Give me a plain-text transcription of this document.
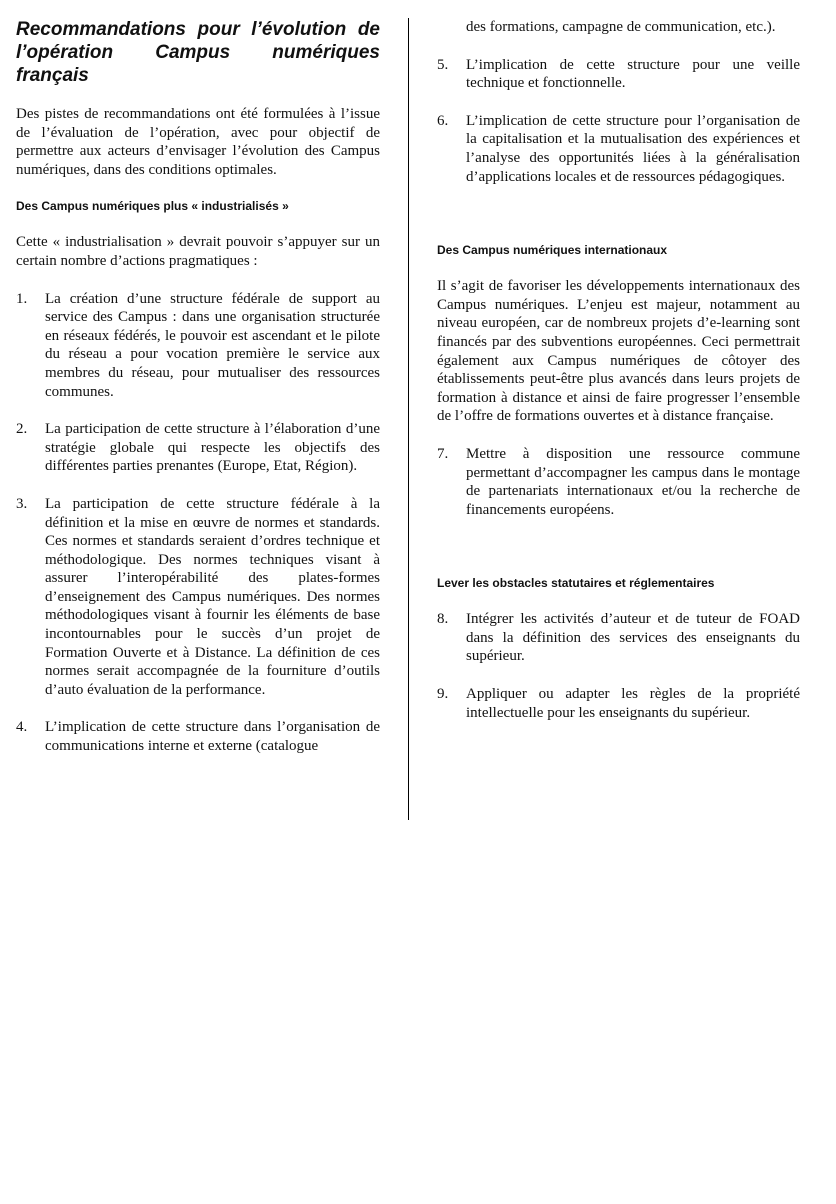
Recommandations pour l’évolution de l’opération Campus numériques français

Des pistes de recommandations ont été formulées à l’issue de l’évaluation de l’opération, avec pour objectif de permettre aux acteurs d’envisager l’évolution des Campus numériques, dans des conditions optimales.

Des Campus numériques plus « industrialisés »

Cette « industrialisation » devrait pouvoir s’appuyer sur un certain nombre d’actions pragmatiques :

1. La création d’une structure fédérale de support au service des Campus : dans une organisation structurée en réseaux fédérés, le pouvoir est ascendant et le pilote du réseau a pour vocation première le service aux membres du réseau, pour mutualiser des ressources communes.
2. La participation de cette structure à l’élaboration d’une stratégie globale qui respecte les objectifs des différentes parties prenantes (Europe, Etat, Région).
3. La participation de cette structure fédérale à la définition et la mise en œuvre de normes et standards. Ces normes et standards seraient d’ordres technique et méthodologique. Des normes techniques visant à assurer l’interopérabilité des plates-formes d’enseignement des Campus numériques. Des normes méthodologiques visant à fournir les éléments de base incontournables pour le succès d’un projet de Formation Ouverte et à Distance. La définition de ces normes serait accompagnée de la fourniture d’outils d’auto évaluation de la performance.
4. L’implication de cette structure dans l’organisation de communications interne et externe (catalogue

des formations, campagne de communication, etc.).

5. L’implication de cette structure pour une veille technique et fonctionnelle.
6. L’implication de cette structure pour l’organisation de la capitalisation et la mutualisation des expériences et l’analyse des opportunités liées à la généralisation d’applications locales et de ressources pédagogiques.
Des Campus numériques internationaux

Il s’agit de favoriser les développements internationaux des Campus numériques. L’enjeu est majeur, notamment au niveau européen, car de nombreux projets d’e-learning sont financés par des subventions européennes. Ceci permettrait également aux Campus numériques de côtoyer des établissements peut-être plus avancés dans leurs projets de formation à distance et ainsi de faire progresser l’ensemble de l’offre de formations ouvertes et à distance française.

7. Mettre à disposition une ressource commune permettant d’accompagner les campus dans le montage de partenariats internationaux et/ou la recherche de financements européens.
Lever les obstacles statutaires et réglementaires
8. Intégrer les activités d’auteur et de tuteur de FOAD dans la définition des services des enseignants du supérieur.
9. Appliquer ou adapter les règles de la propriété intellectuelle pour les enseignants du supérieur.
